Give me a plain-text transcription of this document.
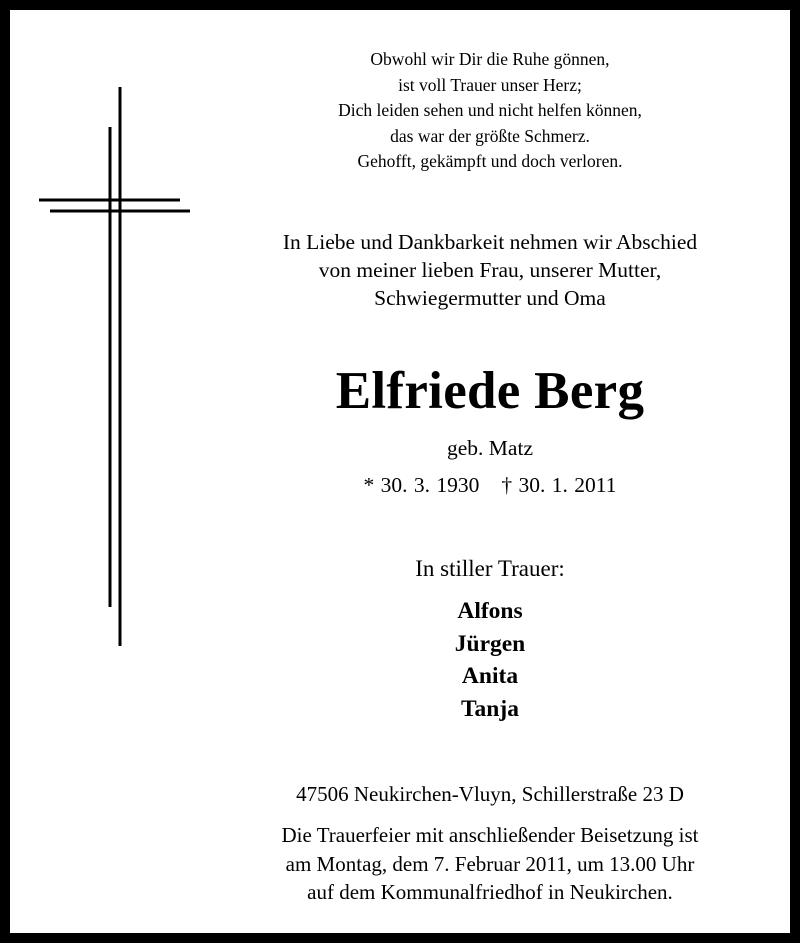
Obwohl wir Dir die Ruhe gönnen,
ist voll Trauer unser Herz;
Dich leiden sehen und nicht helfen können,
das war der größte Schmerz.
Gehofft, gekämpft und doch verloren.
In Liebe und Dankbarkeit nehmen wir Abschied
von meiner lieben Frau, unserer Mutter,
Schwiegermutter und Oma
Elfriede Berg
geb. Matz
* 30. 3. 1930 † 30. 1. 2011
In stiller Trauer:
Alfons
Jürgen
Anita
Tanja
47506 Neukirchen-Vluyn, Schillerstraße 23 D
Die Trauerfeier mit anschließender Beisetzung ist
am Montag, dem 7. Februar 2011, um 13.00 Uhr
auf dem Kommunalfriedhof in Neukirchen.
